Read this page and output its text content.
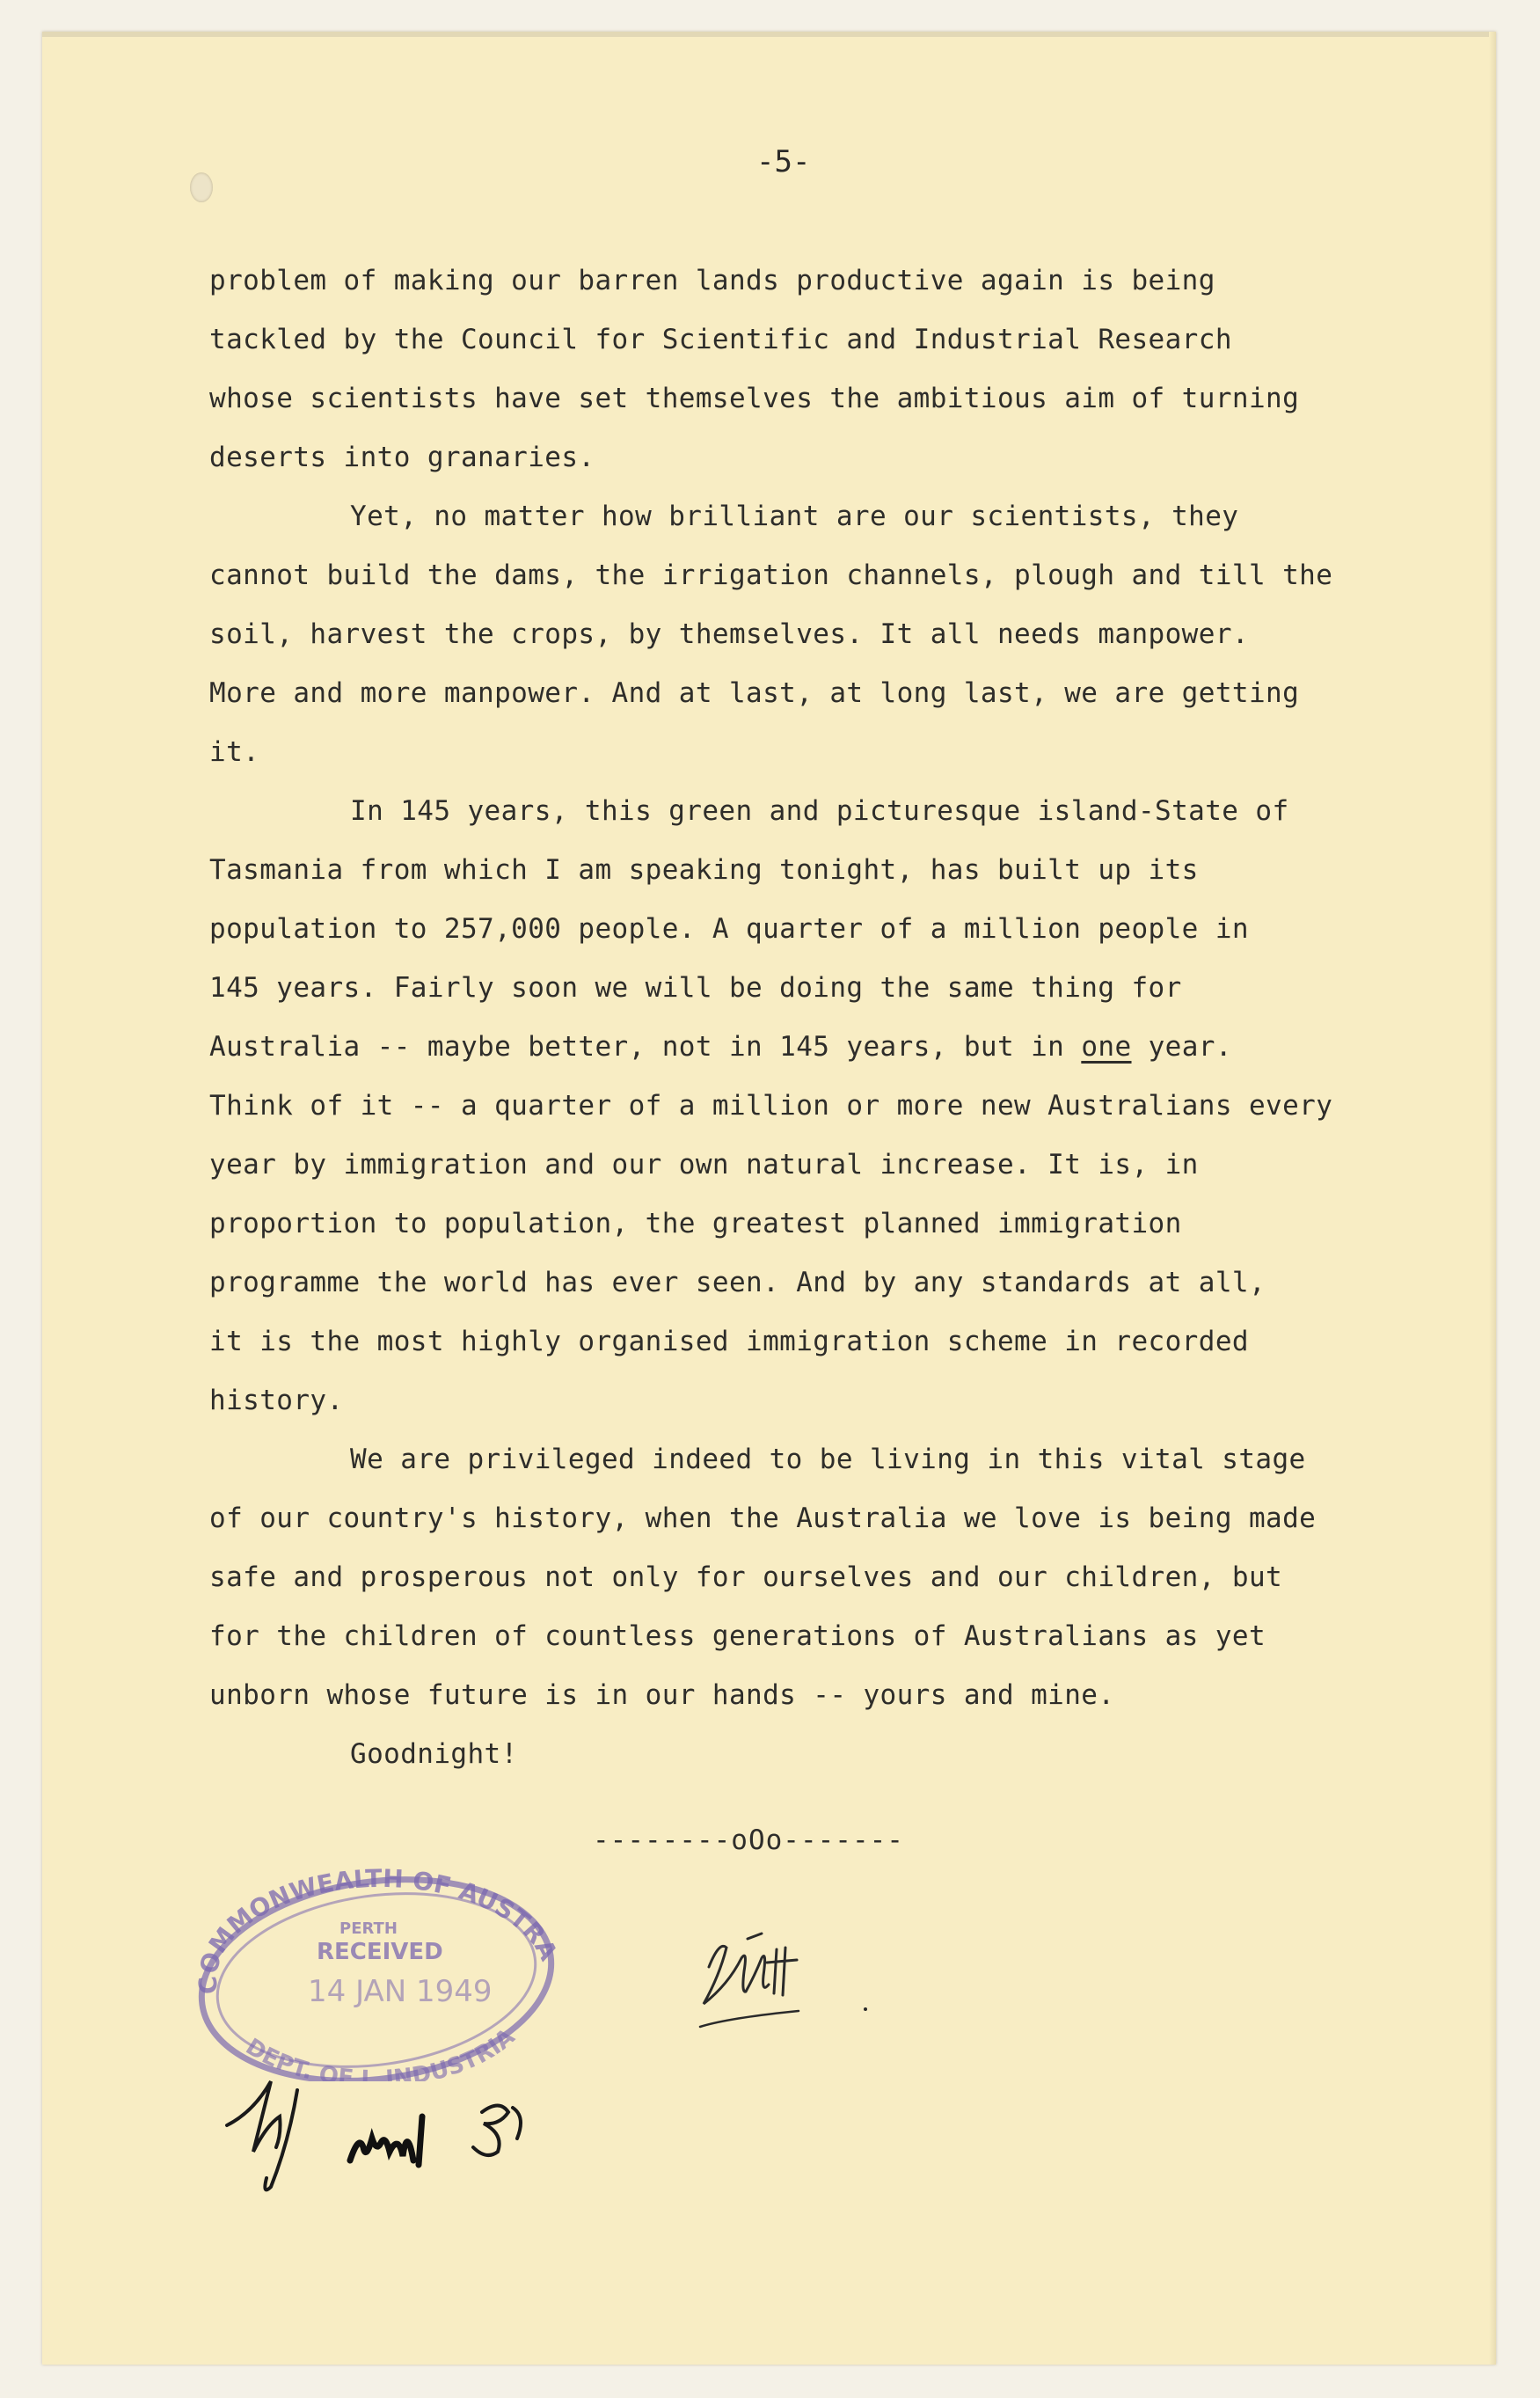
-5-
problem of making our barren lands productive again is being
tackled by the Council for Scientific and Industrial Research
whose scientists have set themselves the ambitious aim of turning
deserts into granaries.
Yet, no matter how brilliant are our scientists, they
cannot build the dams, the irrigation channels, plough and till the
soil, harvest the crops, by themselves. It all needs manpower.
More and more manpower. And at last, at long last, we are getting
it.
In 145 years, this green and picturesque island-State of
Tasmania from which I am speaking tonight, has built up its
population to 257,000 people. A quarter of a million people in
145 years. Fairly soon we will be doing the same thing for
Australia -- maybe better, not in 145 years, but in one year.
Think of it -- a quarter of a million or more new Australians every
year by immigration and our own natural increase. It is, in
proportion to population, the greatest planned immigration
programme the world has ever seen. And by any standards at all,
it is the most highly organised immigration scheme in recorded
history.
We are privileged indeed to be living in this vital stage
of our country's history, when the Australia we love is being made
safe and prosperous not only for ourselves and our children, but
for the children of countless generations of Australians as yet
unborn whose future is in our hands -- yours and mine.
Goodnight!
--------oOo-------
COMMONWEALTH OF AUSTRA
DEPT. OF I. INDUSTRIA
PERTH
RECEIVED
14 JAN 1949
